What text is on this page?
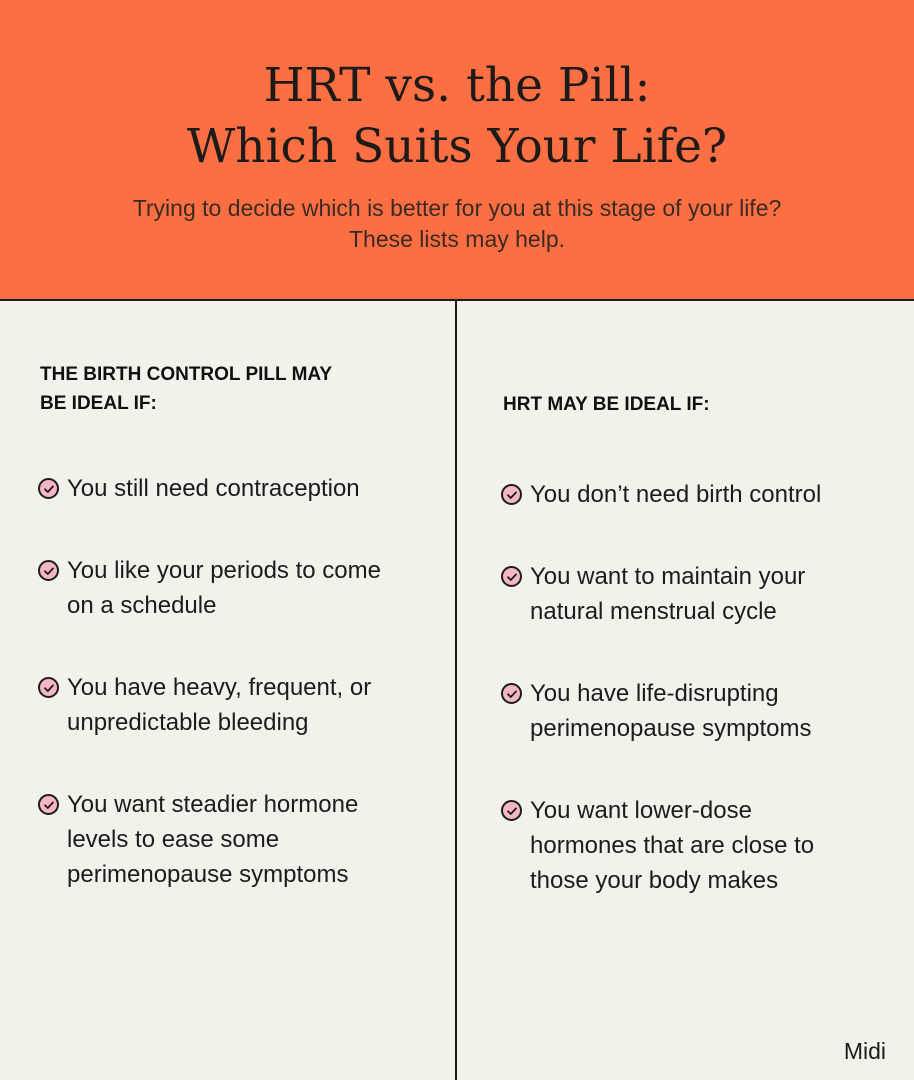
HRT vs. the Pill:
Which Suits Your Life?
Trying to decide which is better for you at this stage of your life?
These lists may help.
THE BIRTH CONTROL PILL MAY
BE IDEAL IF:
You still need contraception
You like your periods to come
on a schedule
You have heavy, frequent, or
unpredictable bleeding
You want steadier hormone
levels to ease some
perimenopause symptoms
HRT MAY BE IDEAL IF:
You don’t need birth control
You want to maintain your
natural menstrual cycle
You have life-disrupting
perimenopause symptoms
You want lower-dose
hormones that are close to
those your body makes
Midi
